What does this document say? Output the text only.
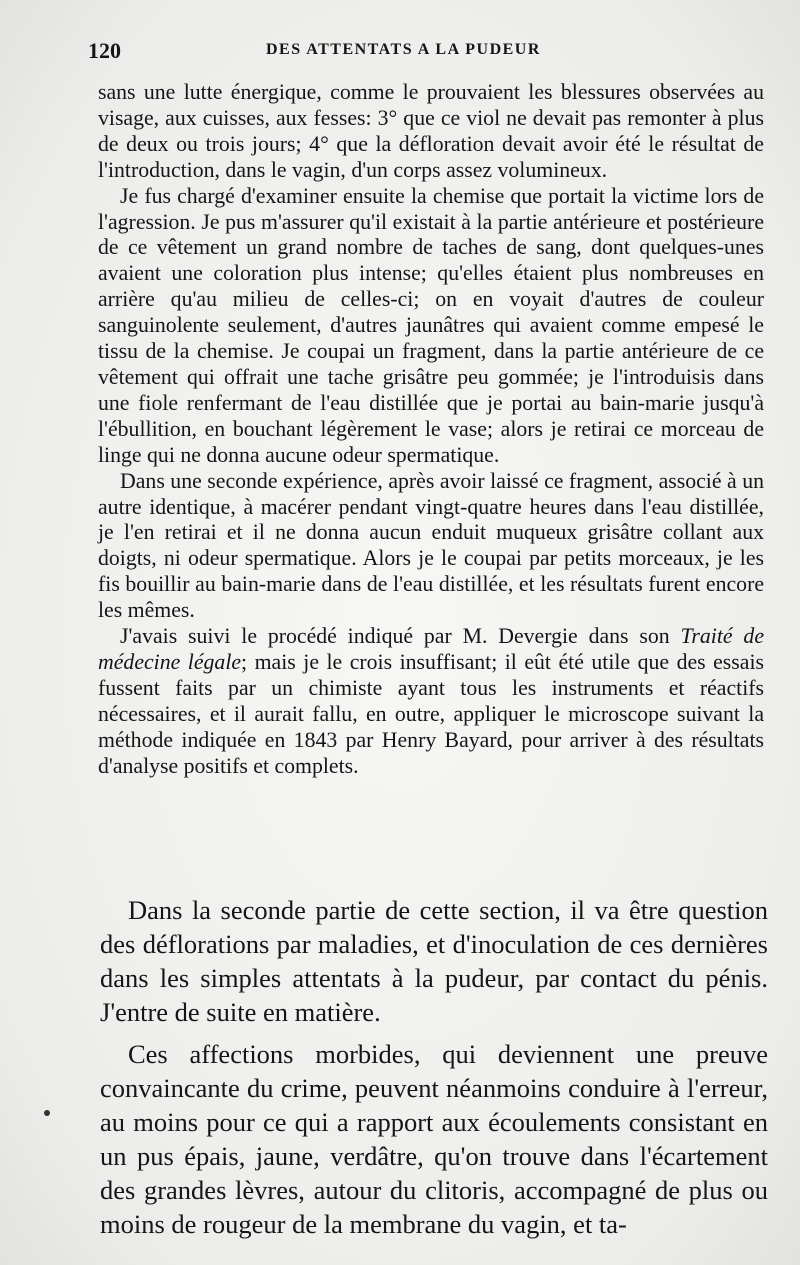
120	DES ATTENTATS A LA PUDEUR

sans une lutte énergique, comme le prouvaient les blessures observées au visage, aux cuisses, aux fesses: 3° que ce viol ne devait pas remonter à plus de deux ou trois jours; 4° que la défloration devait avoir été le résultat de l'introduction, dans le vagin, d'un corps assez volumineux.

Je fus chargé d'examiner ensuite la chemise que portait la victime lors de l'agression. Je pus m'assurer qu'il existait à la partie antérieure et postérieure de ce vêtement un grand nombre de taches de sang, dont quelques-unes avaient une coloration plus intense; qu'elles étaient plus nombreuses en arrière qu'au milieu de celles-ci; on en voyait d'autres de couleur sanguinolente seulement, d'autres jaunâtres qui avaient comme empesé le tissu de la chemise. Je coupai un fragment, dans la partie antérieure de ce vêtement qui offrait une tache grisâtre peu gommée; je l'introduisis dans une fiole renfermant de l'eau distillée que je portai au bain-marie jusqu'à l'ébullition, en bouchant légèrement le vase; alors je retirai ce morceau de linge qui ne donna aucune odeur spermatique.

Dans une seconde expérience, après avoir laissé ce fragment, associé à un autre identique, à macérer pendant vingt-quatre heures dans l'eau distillée, je l'en retirai et il ne donna aucun enduit muqueux grisâtre collant aux doigts, ni odeur spermatique. Alors je le coupai par petits morceaux, je les fis bouillir au bain-marie dans de l'eau distillée, et les résultats furent encore les mêmes.

J'avais suivi le procédé indiqué par M. Devergie dans son Traité de médecine légale; mais je le crois insuffisant; il eût été utile que des essais fussent faits par un chimiste ayant tous les instruments et réactifs nécessaires, et il aurait fallu, en outre, appliquer le microscope suivant la méthode indiquée en 1843 par Henry Bayard, pour arriver à des résultats d'analyse positifs et complets.

Dans la seconde partie de cette section, il va être question des déflorations par maladies, et d'inoculation de ces dernières dans les simples attentats à la pudeur, par contact du pénis. J'entre de suite en matière.

Ces affections morbides, qui deviennent une preuve convaincante du crime, peuvent néanmoins conduire à l'erreur, au moins pour ce qui a rapport aux écoulements consistant en un pus épais, jaune, verdâtre, qu'on trouve dans l'écartement des grandes lèvres, autour du clitoris, accompagné de plus ou moins de rougeur de la membrane du vagin, et ta-
